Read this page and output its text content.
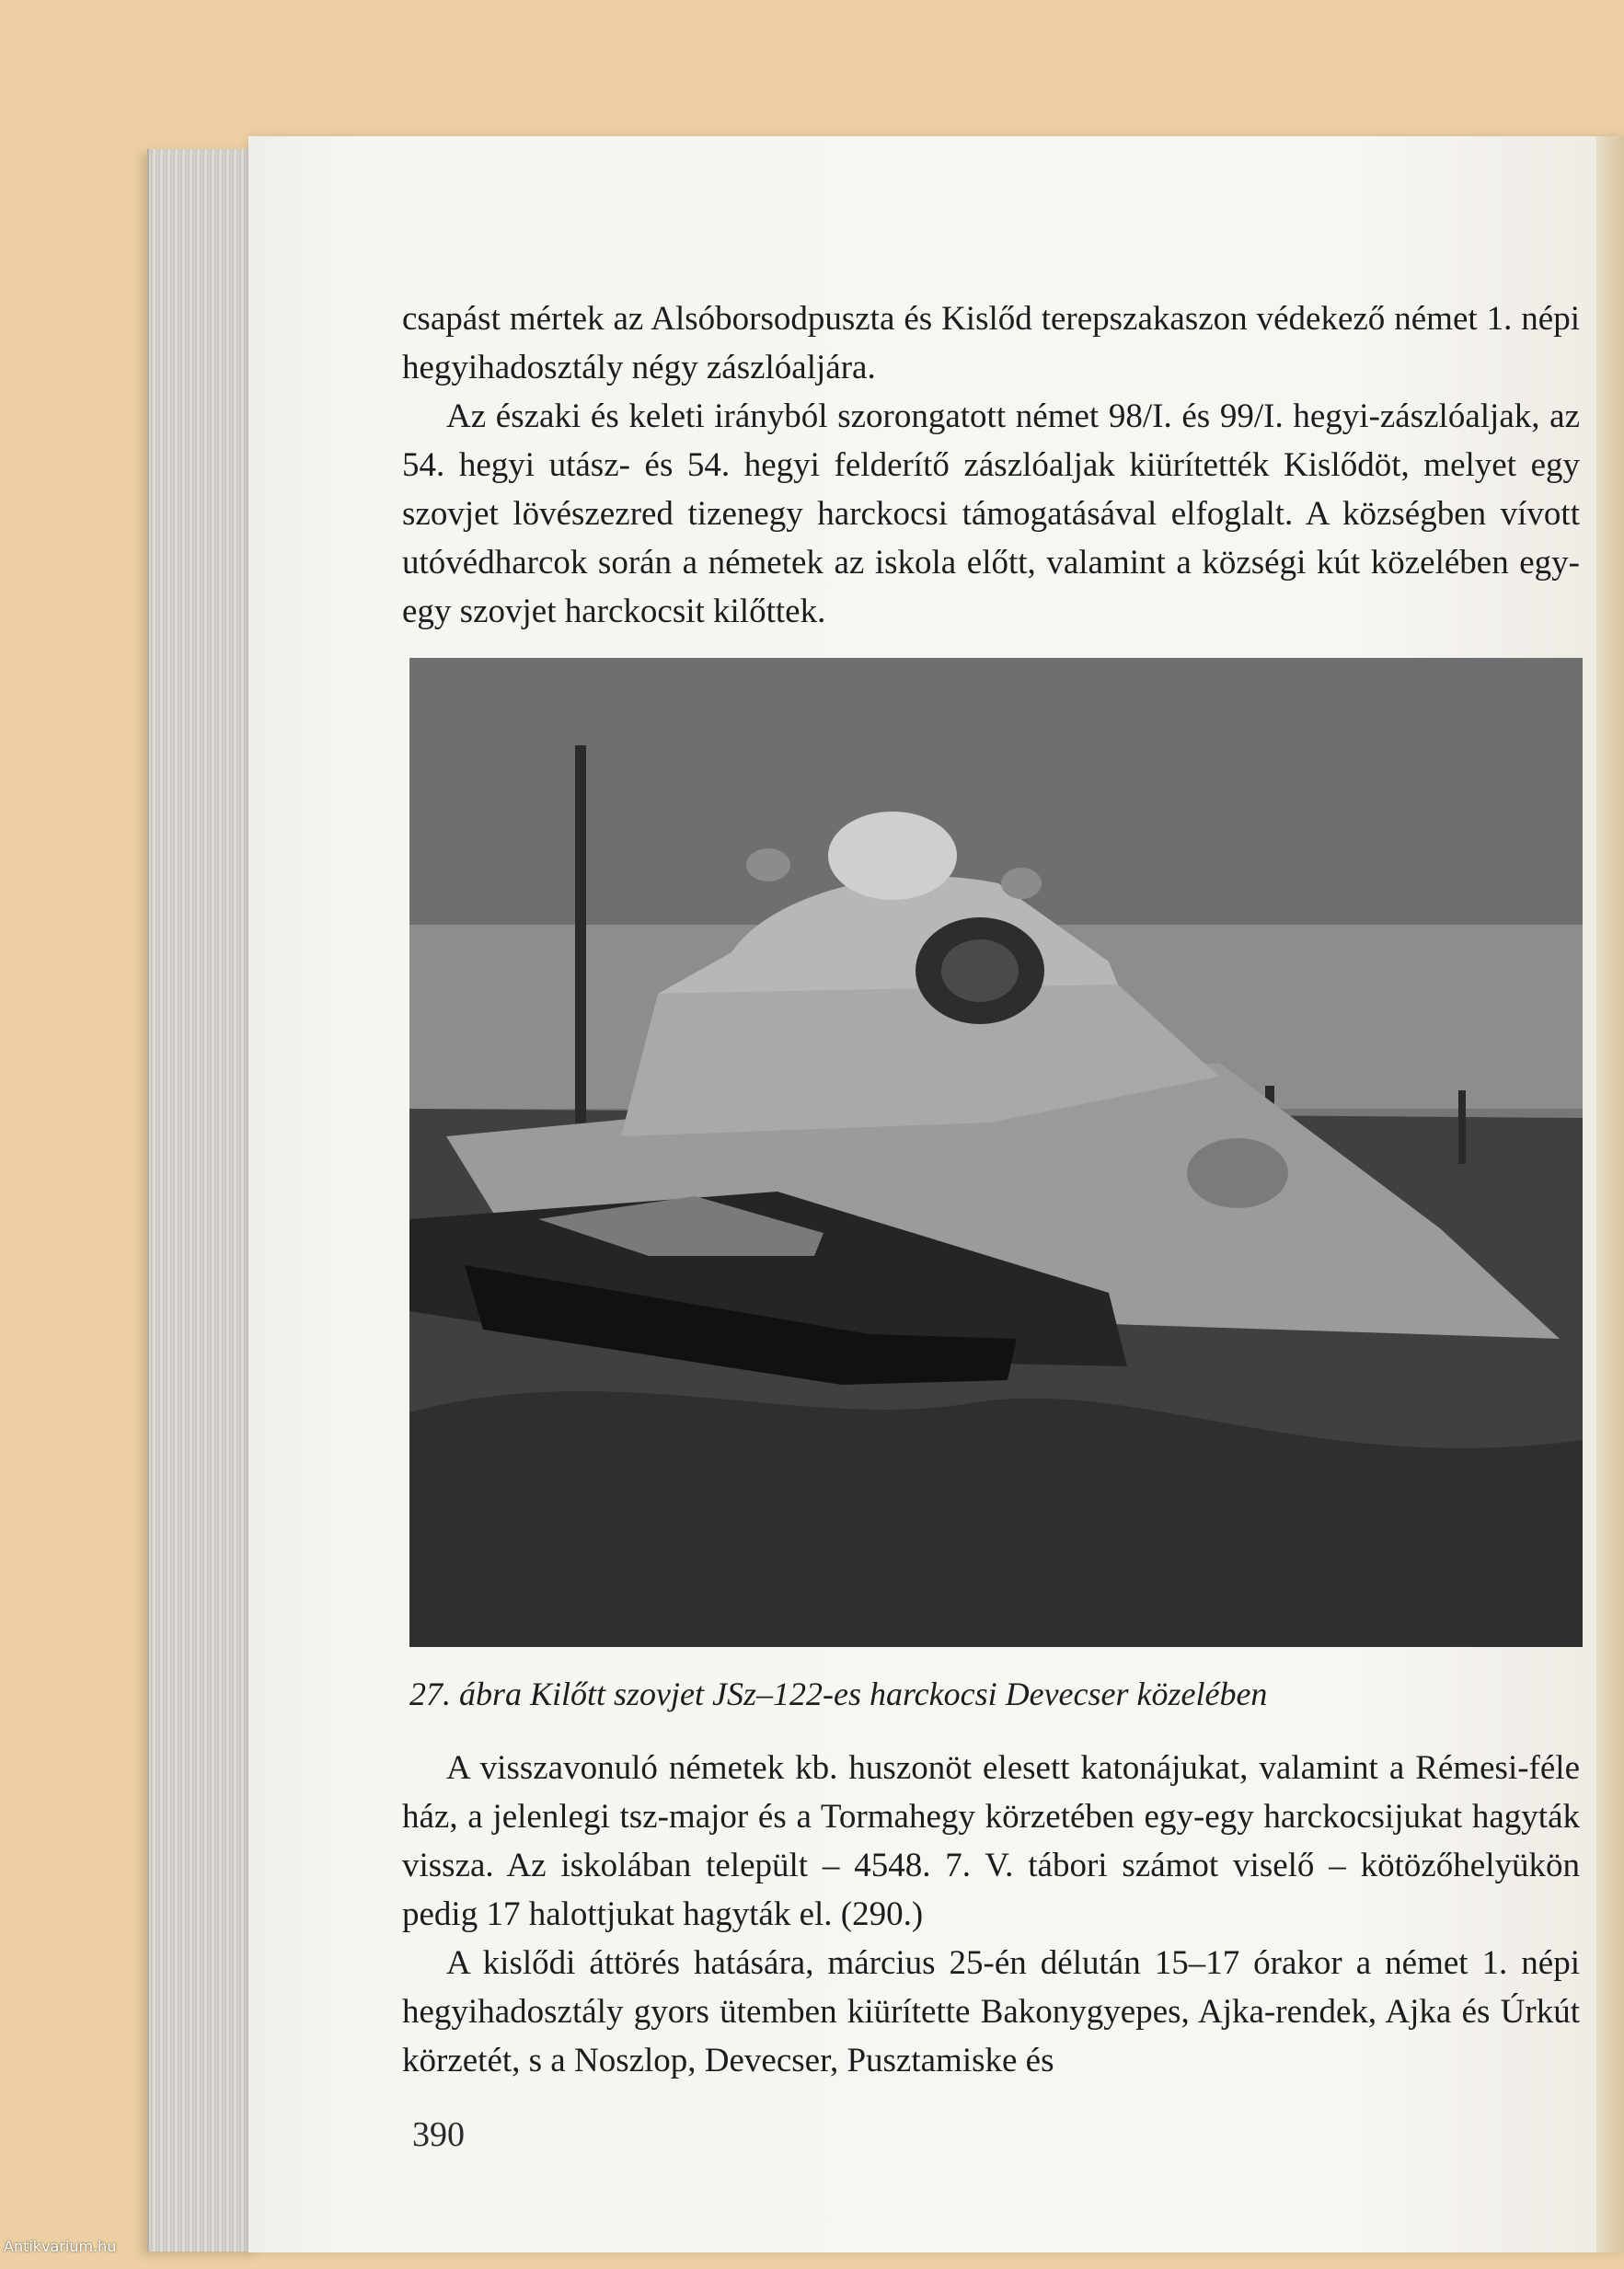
csapást mértek az Alsóborsodpuszta és Kislőd terepszakaszon védekező német 1. népi hegyihadosztály négy zászlóaljára.

Az északi és keleti irányból szorongatott német 98/I. és 99/I. hegyi-zászlóaljak, az 54. hegyi utász- és 54. hegyi felderítő zászlóaljak kiürítették Kislődöt, melyet egy szovjet lövészezred tizenegy harckocsi támogatásával elfoglalt. A községben vívott utóvédharcok során a németek az iskola előtt, valamint a községi kút közelében egy-egy szovjet harckocsit kilőttek.

27. ábra Kilőtt szovjet JSz–122-es harckocsi Devecser közelében

A visszavonuló németek kb. huszonöt elesett katonájukat, valamint a Rémesi-féle ház, a jelenlegi tsz-major és a Tormahegy körzetében egy-egy harckocsijukat hagyták vissza. Az iskolában települt – 4548. 7. V. tábori számot viselő – kötözőhelyükön pedig 17 halottjukat hagyták el. (290.)

A kislődi áttörés hatására, március 25-én délután 15–17 órakor a német 1. népi hegyihadosztály gyors ütemben kiürítette Bakonygyepes, Ajka-rendek, Ajka és Úrkút körzetét, s a Noszlop, Devecser, Pusztamiske és

390
Antikvarium.hu
